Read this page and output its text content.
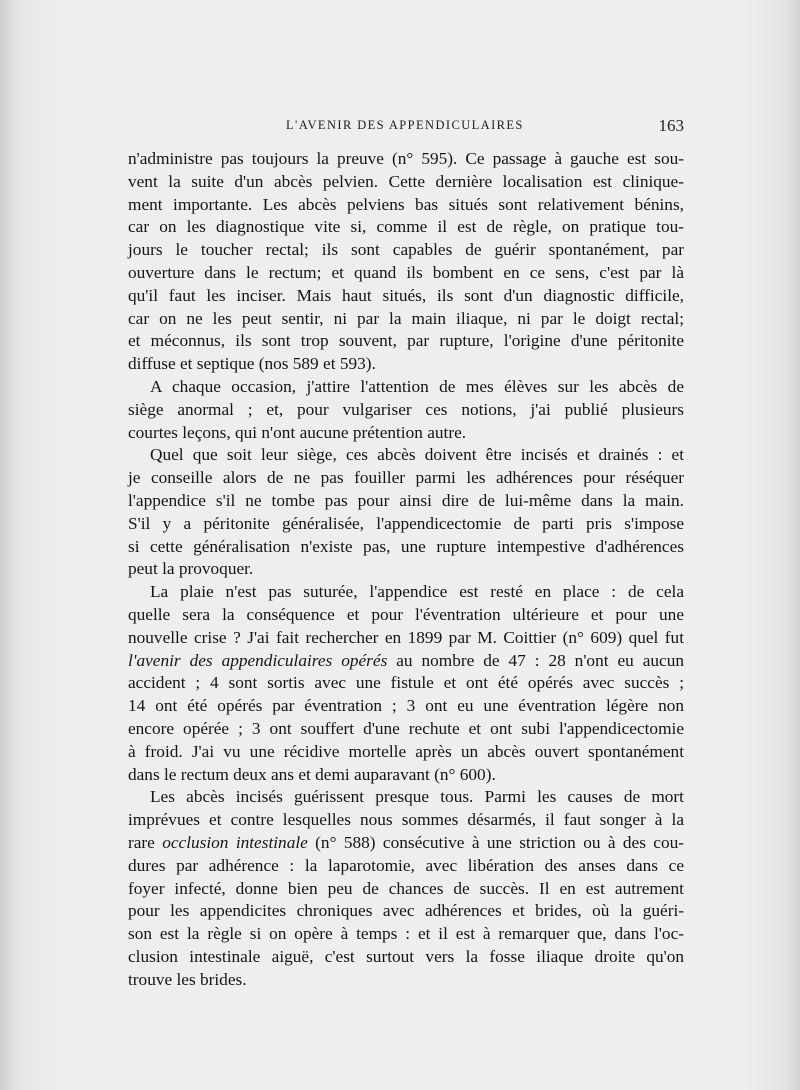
L'AVENIR DES APPENDICULAIRES	163

n'administre pas toujours la preuve (n° 595). Ce passage à gauche est sou-
vent la suite d'un abcès pelvien. Cette dernière localisation est clinique-
ment importante. Les abcès pelviens bas situés sont relativement bénins,
car on les diagnostique vite si, comme il est de règle, on pratique tou-
jours le toucher rectal; ils sont capables de guérir spontanément, par
ouverture dans le rectum; et quand ils bombent en ce sens, c'est par là
qu'il faut les inciser. Mais haut situés, ils sont d'un diagnostic difficile,
car on ne les peut sentir, ni par la main iliaque, ni par le doigt rectal;
et méconnus, ils sont trop souvent, par rupture, l'origine d'une péritonite
diffuse et septique (nos 589 et 593).

A chaque occasion, j'attire l'attention de mes élèves sur les abcès de
siège anormal ; et, pour vulgariser ces notions, j'ai publié plusieurs
courtes leçons, qui n'ont aucune prétention autre.

Quel que soit leur siège, ces abcès doivent être incisés et drainés : et
je conseille alors de ne pas fouiller parmi les adhérences pour réséquer
l'appendice s'il ne tombe pas pour ainsi dire de lui-même dans la main.
S'il y a péritonite généralisée, l'appendicectomie de parti pris s'impose
si cette généralisation n'existe pas, une rupture intempestive d'adhérences
peut la provoquer.

La plaie n'est pas suturée, l'appendice est resté en place : de cela
quelle sera la conséquence et pour l'éventration ultérieure et pour une
nouvelle crise ? J'ai fait rechercher en 1899 par M. Coittier (n° 609) quel fut
l'avenir des appendiculaires opérés au nombre de 47 : 28 n'ont eu aucun
accident ; 4 sont sortis avec une fistule et ont été opérés avec succès ;
14 ont été opérés par éventration ; 3 ont eu une éventration légère non
encore opérée ; 3 ont souffert d'une rechute et ont subi l'appendicectomie
à froid. J'ai vu une récidive mortelle après un abcès ouvert spontanément
dans le rectum deux ans et demi auparavant (n° 600).

Les abcès incisés guérissent presque tous. Parmi les causes de mort
imprévues et contre lesquelles nous sommes désarmés, il faut songer à la
rare occlusion intestinale (n° 588) consécutive à une striction ou à des cou-
dures par adhérence : la laparotomie, avec libération des anses dans ce
foyer infecté, donne bien peu de chances de succès. Il en est autrement
pour les appendicites chroniques avec adhérences et brides, où la guéri-
son est la règle si on opère à temps : et il est à remarquer que, dans l'oc-
clusion intestinale aiguë, c'est surtout vers la fosse iliaque droite qu'on
trouve les brides.
